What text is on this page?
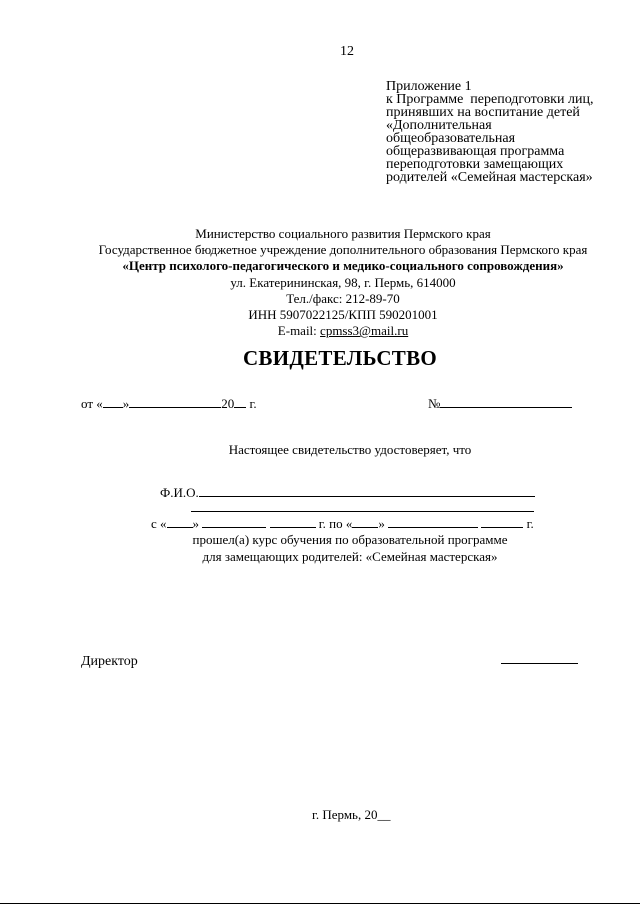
12
Приложение 1
к Программе  переподготовки лиц,
принявших на воспитание детей
«Дополнительная
общеобразовательная
общеразвивающая программа
переподготовки замещающих
родителей «Семейная мастерская»
Министерство социального развития Пермского края
Государственное бюджетное учреждение дополнительного образования Пермского края
«Центр психолого-педагогического и медико-социального сопровождения»
ул. Екатерининская, 98, г. Пермь, 614000
Тел./факс: 212-89-70
ИНН 5907022125/КПП 590201001
E-mail: cpmss3@mail.ru
СВИДЕТЕЛЬСТВО
от « »	20 г.	№
Настоящее свидетельство удостоверяет, что
Ф.И.О.
с « »	г. по « »	г.
прошел(а) курс обучения по образовательной программе
для замещающих родителей: «Семейная мастерская»
Директор
г. Пермь, 20__
